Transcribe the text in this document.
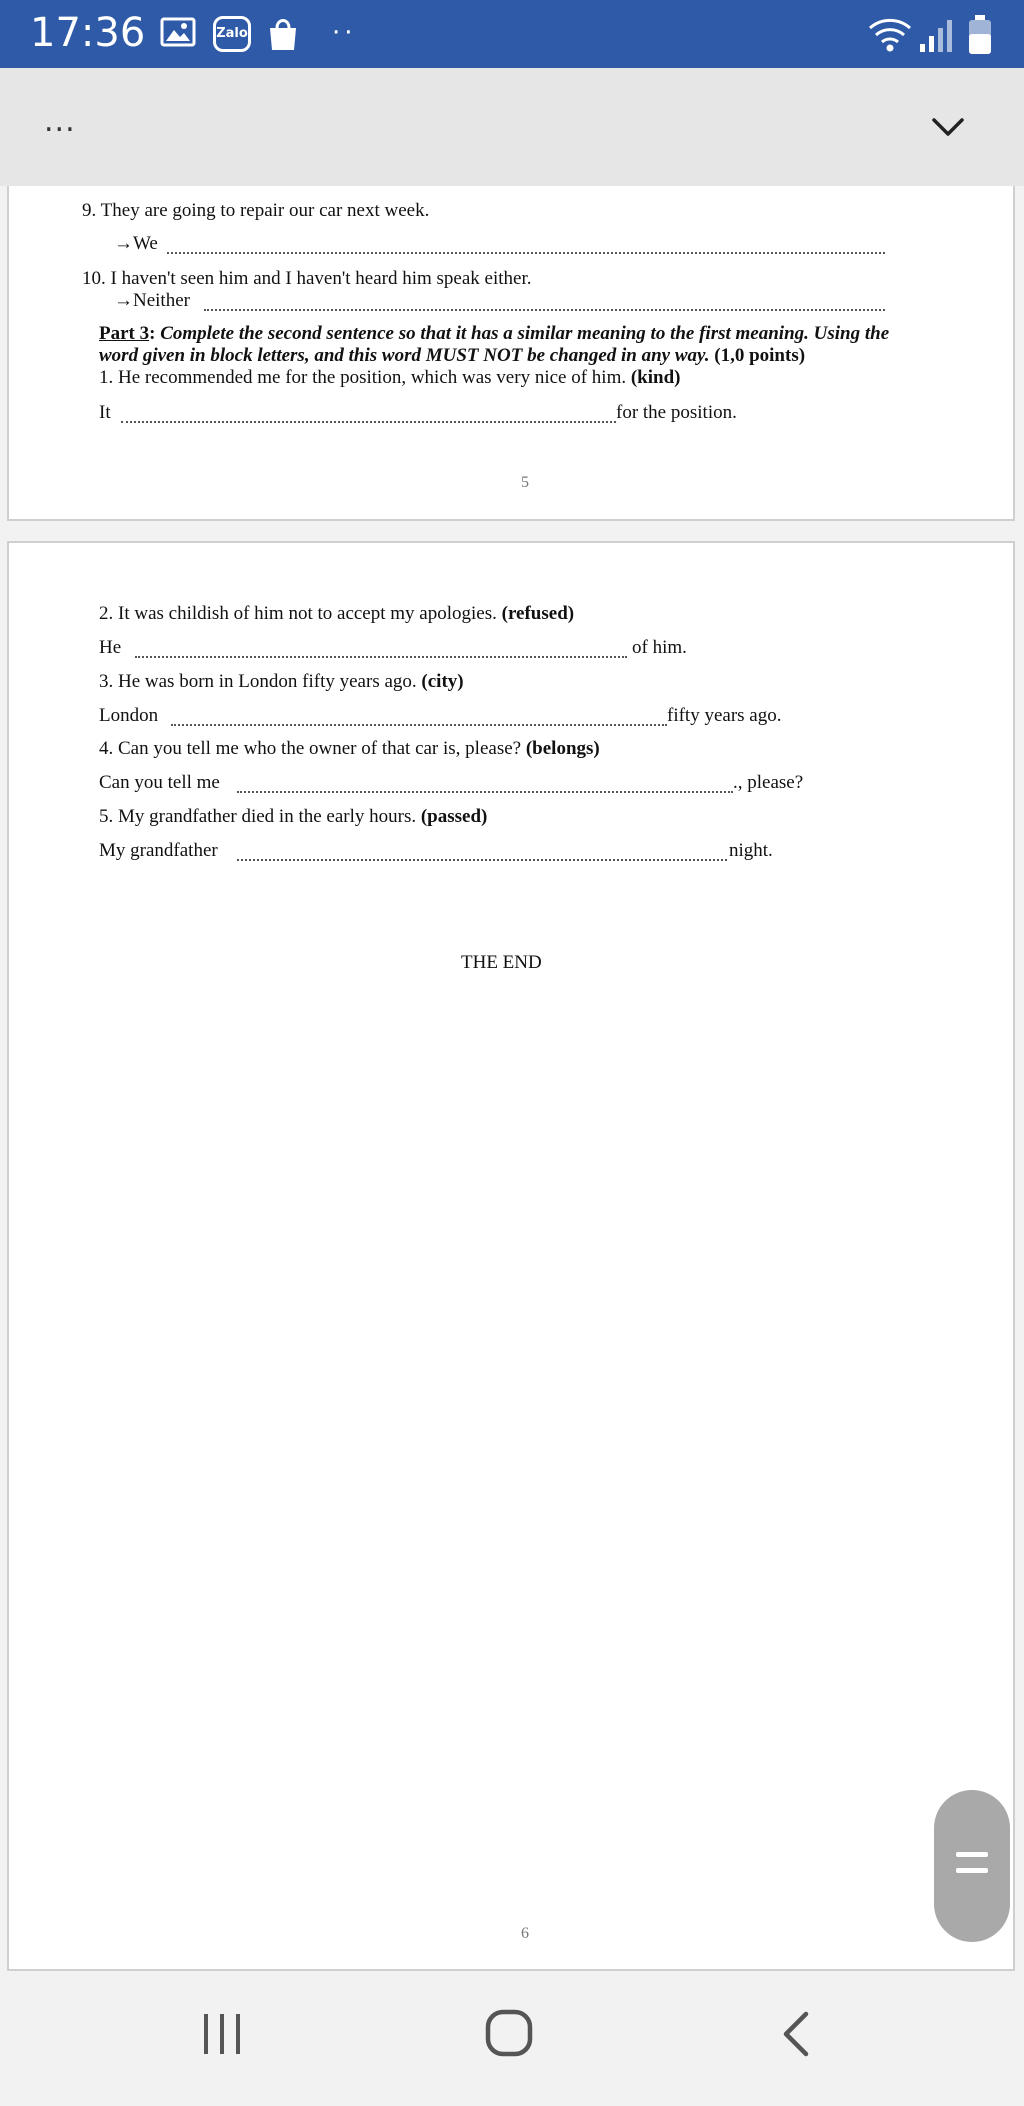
17:36	Zalo	··
...
9. They are going to repair our car next week.
→We
10. I haven't seen him and I haven't heard him speak either.
→Neither
Part 3: Complete the second sentence so that it has a similar meaning to the first meaning. Using the
word given in block letters, and this word MUST NOT be changed in any way. (1,0 points)
1. He recommended me for the position, which was very nice of him. (kind)
It	for the position.
5
2. It was childish of him not to accept my apologies. (refused)
He	of him.
3. He was born in London fifty years ago. (city)
London	fifty years ago.
4. Can you tell me who the owner of that car is, please? (belongs)
Can you tell me	., please?
5. My grandfather died in the early hours. (passed)
My grandfather	night.
THE END
6
